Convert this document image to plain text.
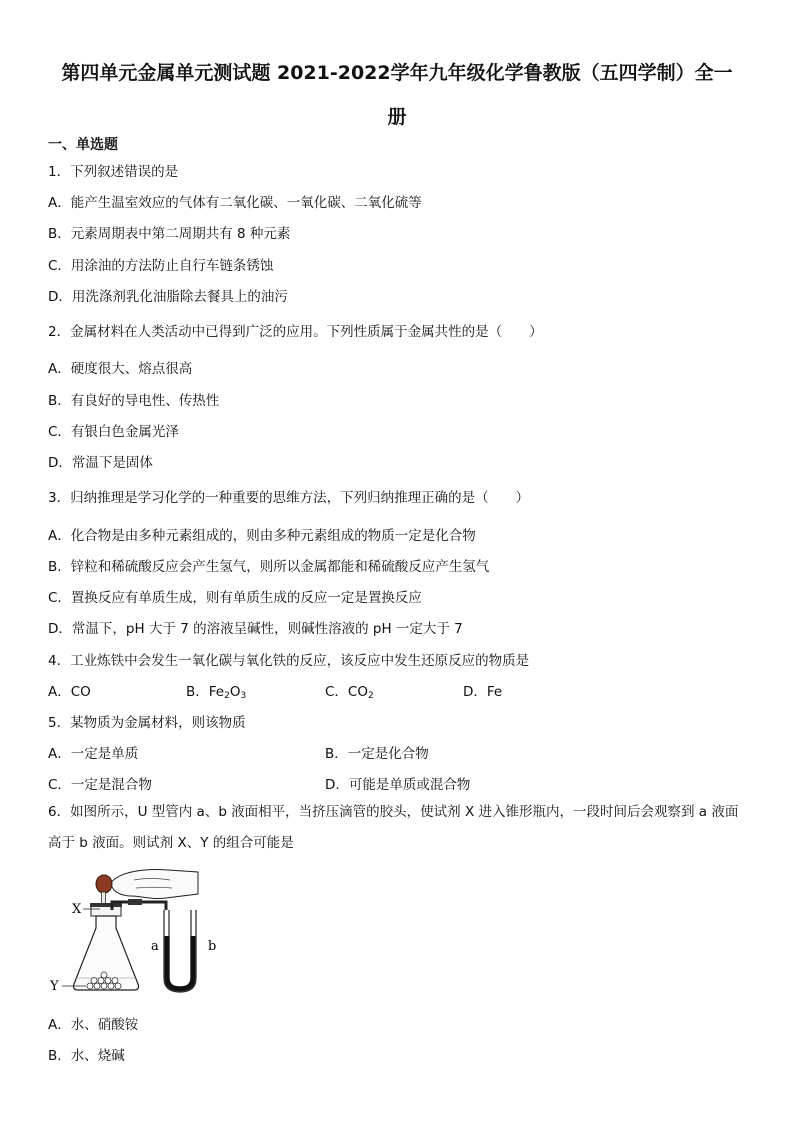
第四单元金属单元测试题 2021-2022学年九年级化学鲁教版（五四学制）全一
册
一、单选题
1．下列叙述错误的是
A．能产生温室效应的气体有二氧化碳、一氧化碳、二氧化硫等
B．元素周期表中第二周期共有 8 种元素
C．用涂油的方法防止自行车链条锈蚀
D．用洗涤剂乳化油脂除去餐具上的油污
2．金属材料在人类活动中已得到广泛的应用。下列性质属于金属共性的是（　　）
A．硬度很大、熔点很高
B．有良好的导电性、传热性
C．有银白色金属光泽
D．常温下是固体
3．归纳推理是学习化学的一种重要的思维方法，下列归纳推理正确的是（　　）
A．化合物是由多种元素组成的，则由多种元素组成的物质一定是化合物
B．锌粒和稀硫酸反应会产生氢气，则所以金属都能和稀硫酸反应产生氢气
C．置换反应有单质生成，则有单质生成的反应一定是置换反应
D．常温下，pH 大于 7 的溶液呈碱性，则碱性溶液的 pH 一定大于 7
4．工业炼铁中会发生一氧化碳与氧化铁的反应，该反应中发生还原反应的物质是
A．CO	B．$Fe_2O_3$	C．$CO_2$	D．Fe
5．某物质为金属材料，则该物质
A．一定是单质	B．一定是化合物
C．一定是混合物	D．可能是单质或混合物
6．如图所示，U 型管内 a、b 液面相平，当挤压滴管的胶头，使试剂 X 进入锥形瓶内，一段时间后会观察到 a 液面高于 b 液面。则试剂 X、Y 的组合可能是
X
Y
a	b
A．水、硝酸铵
B．水、烧碱
